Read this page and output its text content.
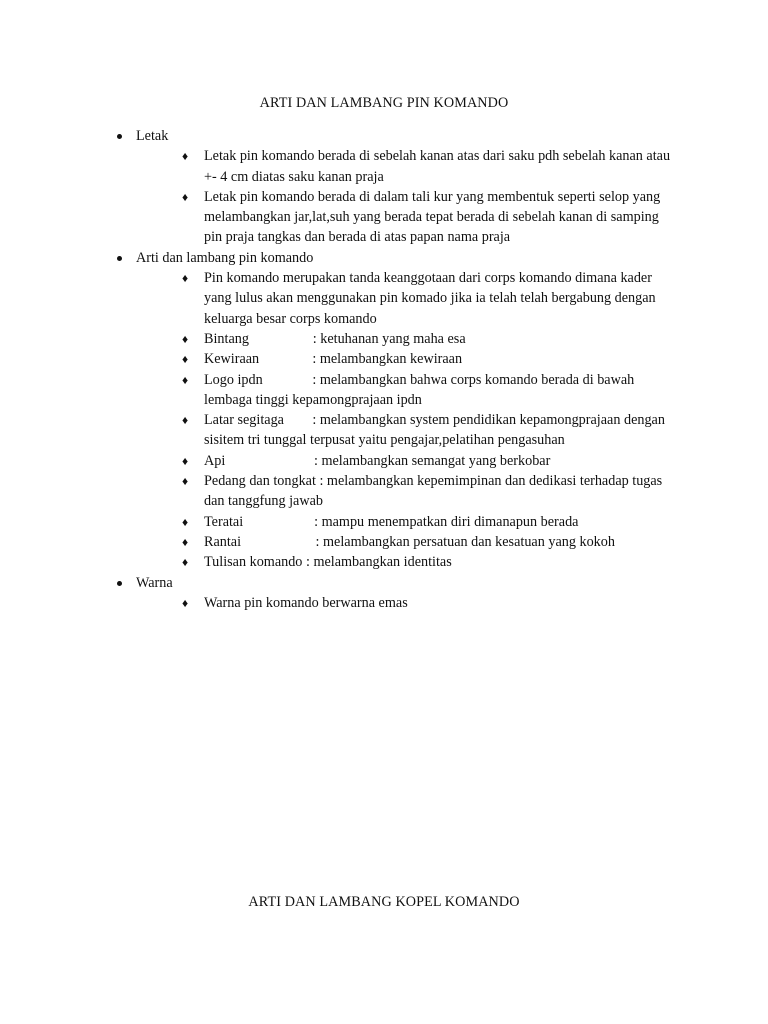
ARTI DAN LAMBANG PIN KOMANDO
Letak
♦ Letak pin komando berada di sebelah kanan atas dari saku pdh sebelah kanan atau +- 4 cm diatas saku kanan praja
♦ Letak pin komando berada di dalam tali kur yang membentuk seperti selop yang melambangkan jar,lat,suh yang berada tepat berada di sebelah kanan di samping pin praja tangkas dan berada di atas papan nama praja
Arti dan lambang pin komando
♦ Pin komando merupakan tanda keanggotaan dari corps komando dimana kader yang lulus akan menggunakan pin komado jika ia telah telah bergabung dengan keluarga besar corps komando
♦ Bintang                  : ketuhanan yang maha esa
♦ Kewiraan               : melambangkan kewiraan
♦ Logo ipdn              : melambangkan bahwa corps komando berada di bawah lembaga tinggi kepamongprajaan ipdn
♦ Latar segitaga        : melambangkan system pendidikan kepamongprajaan dengan sisitem tri tunggal terpusat yaitu pengajar,pelatihan pengasuhan
♦ Api                         : melambangkan semangat yang berkobar
♦ Pedang dan tongkat : melambangkan kepemimpinan dan dedikasi terhadap tugas dan tanggfung jawab
♦ Teratai                    : mampu menempatkan diri dimanapun berada
♦ Rantai                     : melambangkan persatuan dan kesatuan yang kokoh
♦ Tulisan komando : melambangkan identitas
Warna
♦ Warna pin komando berwarna emas
ARTI DAN LAMBANG KOPEL KOMANDO
